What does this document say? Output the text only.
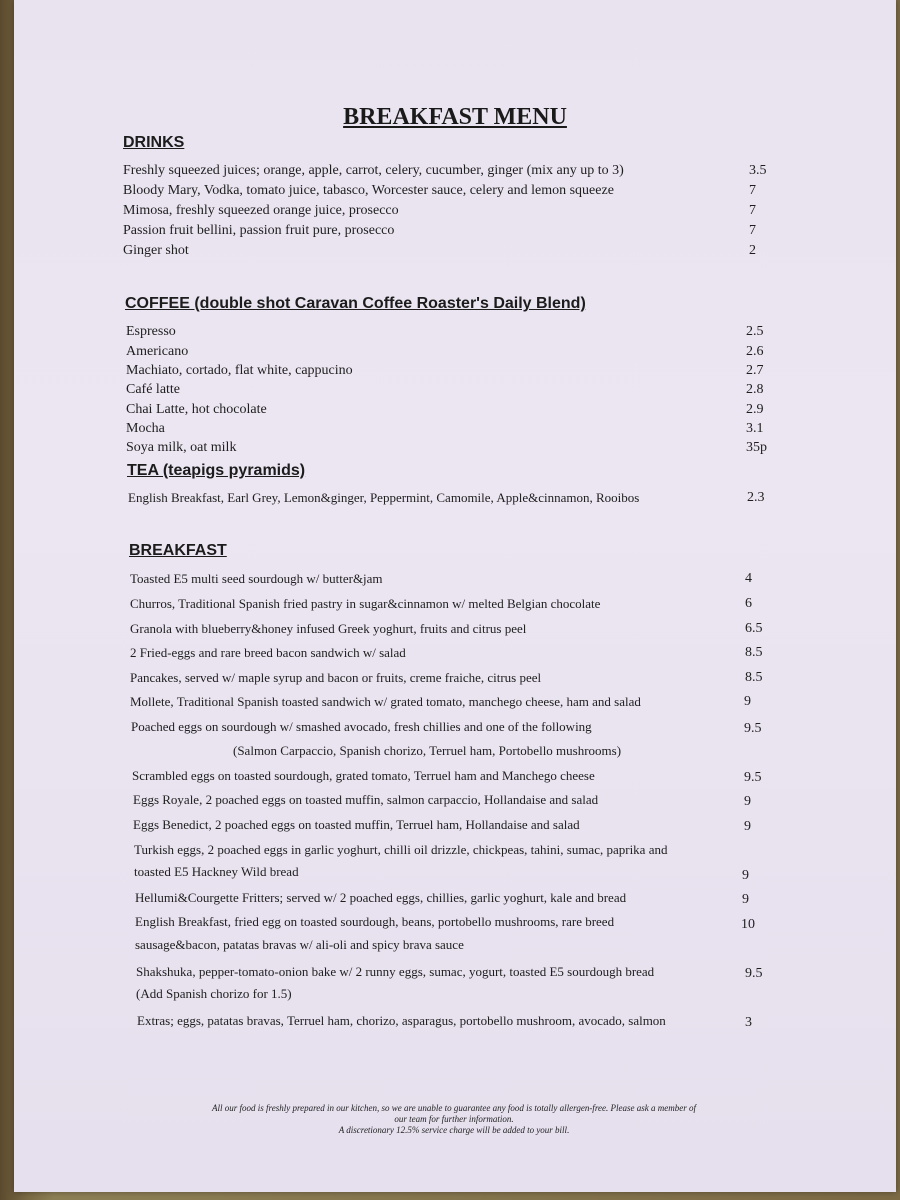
BREAKFAST MENU
DRINKS
Freshly squeezed juices; orange, apple, carrot, celery, cucumber, ginger (mix any up to 3)	3.5
Bloody Mary, Vodka, tomato juice, tabasco, Worcester sauce, celery and lemon squeeze	7
Mimosa, freshly squeezed orange juice, prosecco	7
Passion fruit bellini, passion fruit pure, prosecco	7
Ginger shot	2
COFFEE (double shot Caravan Coffee Roaster's Daily Blend)
Espresso	2.5
Americano	2.6
Machiato, cortado, flat white, cappucino	2.7
Café latte	2.8
Chai Latte, hot chocolate	2.9
Mocha	3.1
Soya milk, oat milk	35p
TEA (teapigs pyramids)
English Breakfast, Earl Grey, Lemon&ginger, Peppermint, Camomile, Apple&cinnamon, Rooibos	2.3
BREAKFAST
Toasted E5 multi seed sourdough w/ butter&jam	4
Churros, Traditional Spanish fried pastry in sugar&cinnamon w/ melted Belgian chocolate	6
Granola with blueberry&honey infused Greek yoghurt, fruits and citrus peel	6.5
2 Fried-eggs and rare breed bacon sandwich w/ salad	8.5
Pancakes, served w/ maple syrup and bacon or fruits, creme fraiche, citrus peel	8.5
Mollete, Traditional Spanish toasted sandwich w/ grated tomato, manchego cheese, ham and salad	9
Poached eggs on sourdough w/ smashed avocado, fresh chillies and one of the following	9.5
(Salmon Carpaccio, Spanish chorizo, Terruel ham, Portobello mushrooms)
Scrambled eggs on toasted sourdough, grated tomato, Terruel ham and Manchego cheese	9.5
Eggs Royale, 2 poached eggs on toasted muffin, salmon carpaccio, Hollandaise and salad	9
Eggs Benedict, 2 poached eggs on toasted muffin, Terruel ham, Hollandaise and salad	9
Turkish eggs, 2 poached eggs in garlic yoghurt, chilli oil drizzle, chickpeas, tahini, sumac, paprika and
toasted E5 Hackney Wild bread	9
Hellumi&Courgette Fritters; served w/ 2 poached eggs, chillies, garlic yoghurt, kale and bread	9
English Breakfast, fried egg on toasted sourdough, beans, portobello mushrooms, rare breed	10
sausage&bacon, patatas bravas w/ ali-oli and spicy brava sauce
Shakshuka, pepper-tomato-onion bake w/ 2 runny eggs, sumac, yogurt, toasted E5 sourdough bread	9.5
(Add Spanish chorizo for 1.5)
Extras; eggs, patatas bravas, Terruel ham, chorizo, asparagus, portobello mushroom, avocado, salmon	3
All our food is freshly prepared in our kitchen, so we are unable to guarantee any food is totally allergen-free. Please ask a member of
our team for further information.
A discretionary 12.5% service charge will be added to your bill.
